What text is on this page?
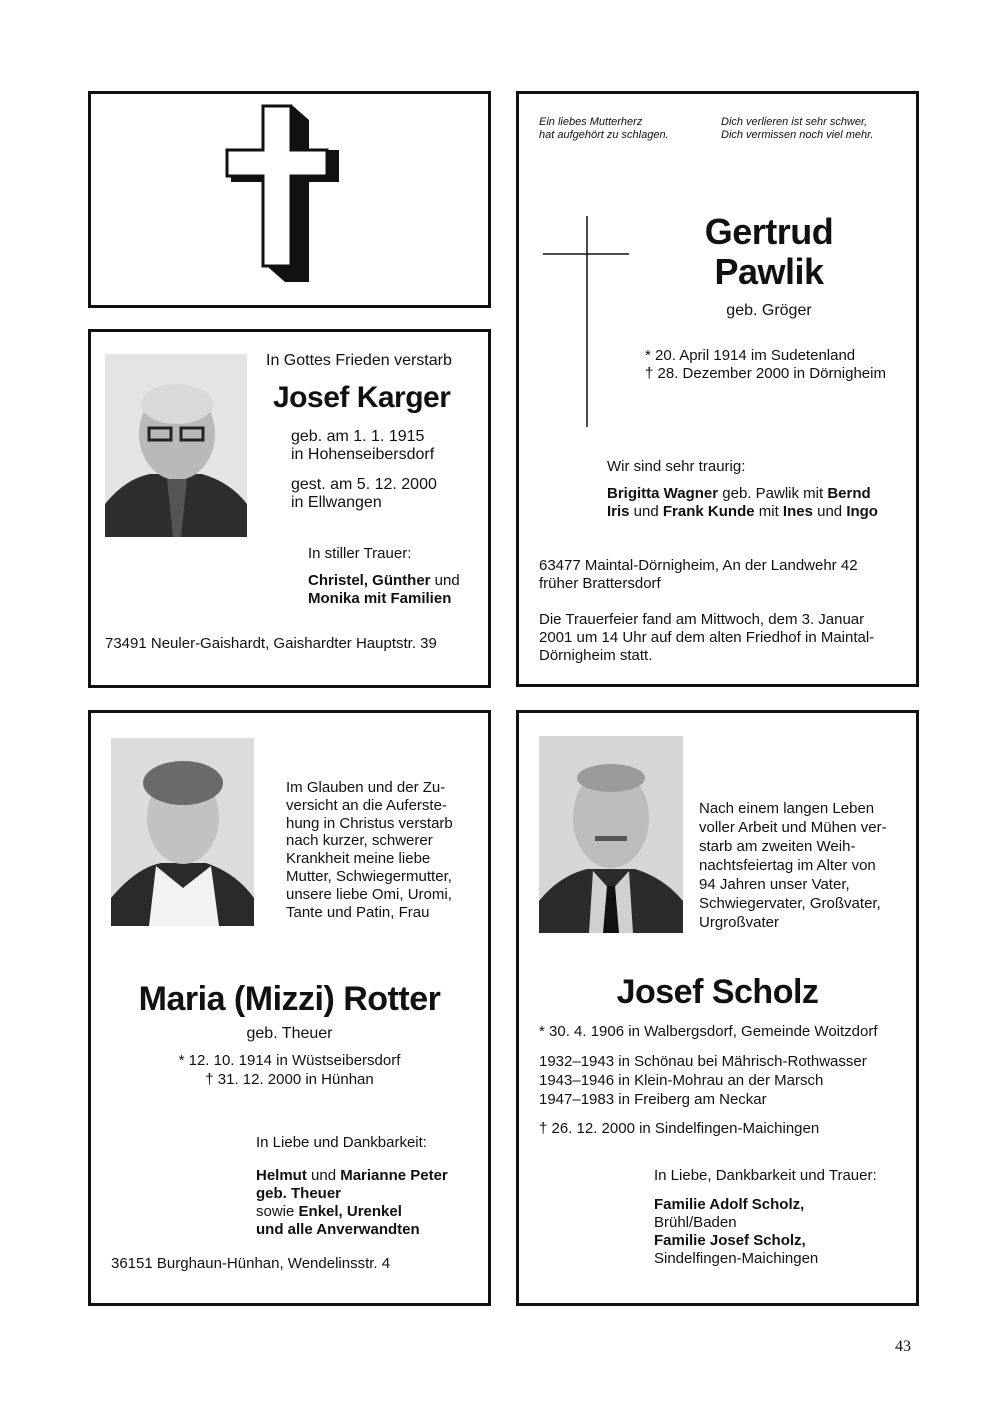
Ein liebes Mutterherz
hat aufgehört zu schlagen.
Dich verlieren ist sehr schwer,
Dich vermissen noch viel mehr.
Gertrud
Pawlik
geb. Gröger
* 20. April 1914 im Sudetenland
† 28. Dezember 2000 in Dörnigheim
Wir sind sehr traurig:
Brigitta Wagner geb. Pawlik mit Bernd
Iris und Frank Kunde mit Ines und Ingo
63477 Maintal-Dörnigheim, An der Landwehr 42
früher Brattersdorf
Die Trauerfeier fand am Mittwoch, dem 3. Januar
2001 um 14 Uhr auf dem alten Friedhof in Maintal-
Dörnigheim statt.
In Gottes Frieden verstarb
Josef Karger
geb. am 1. 1. 1915
in Hohenseibersdorf
gest. am 5. 12. 2000
in Ellwangen
In stiller Trauer:
Christel, Günther und
Monika mit Familien
73491 Neuler-Gaishardt, Gaishardter Hauptstr. 39
Im Glauben und der Zu-
versicht an die Auferste-
hung in Christus verstarb
nach kurzer, schwerer
Krankheit meine liebe
Mutter, Schwiegermutter,
unsere liebe Omi, Uromi,
Tante und Patin, Frau
Maria (Mizzi) Rotter
geb. Theuer
* 12. 10. 1914 in Wüstseibersdorf
† 31. 12. 2000 in Hünhan
In Liebe und Dankbarkeit:
Helmut und Marianne Peter
geb. Theuer
sowie Enkel, Urenkel
und alle Anverwandten
36151 Burghaun-Hünhan, Wendelinsstr. 4
Nach einem langen Leben
voller Arbeit und Mühen ver-
starb am zweiten Weih-
nachtsfeiertag im Alter von
94 Jahren unser Vater,
Schwiegervater, Großvater,
Urgroßvater
Josef Scholz
* 30. 4. 1906 in Walbergsdorf, Gemeinde Woitzdorf
1932–1943 in Schönau bei Mährisch-Rothwasser
1943–1946 in Klein-Mohrau an der Marsch
1947–1983 in Freiberg am Neckar
† 26. 12. 2000 in Sindelfingen-Maichingen
In Liebe, Dankbarkeit und Trauer:
Familie Adolf Scholz,
Brühl/Baden
Familie Josef Scholz,
Sindelfingen-Maichingen
43
